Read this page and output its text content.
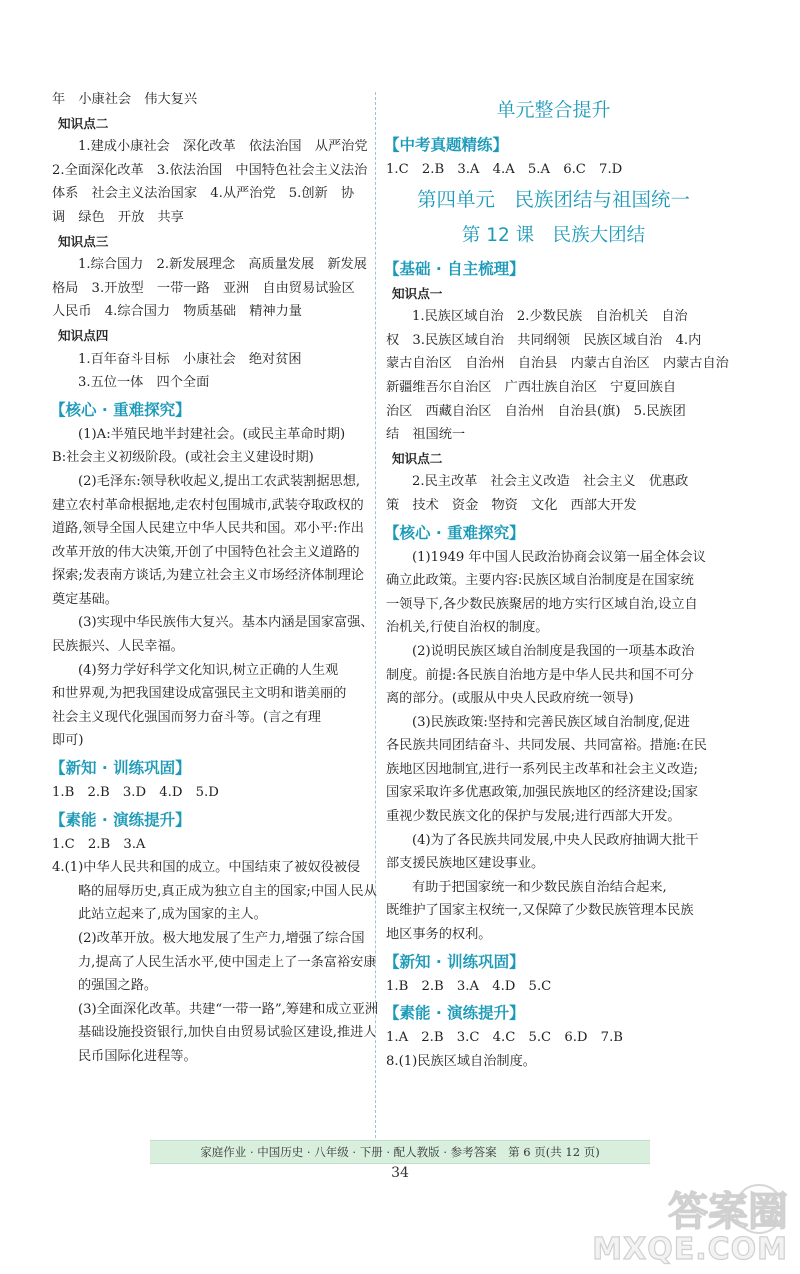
年　小康社会　伟大复兴
知识点二
1.建成小康社会　深化改革　依法治国　从严治党
2.全面深化改革　3.依法治国　中国特色社会主义法治
体系　社会主义法治国家　4.从严治党　5.创新　协
调　绿色　开放　共享
知识点三
1.综合国力　2.新发展理念　高质量发展　新发展
格局　3.开放型　一带一路　亚洲　自由贸易试验区
人民币　4.综合国力　物质基础　精神力量
知识点四
1.百年奋斗目标　小康社会　绝对贫困
3.五位一体　四个全面
【核心 · 重难探究】
(1)A:半殖民地半封建社会。(或民主革命时期)
B:社会主义初级阶段。(或社会主义建设时期)
(2)毛泽东:领导秋收起义,提出工农武装割据思想,
建立农村革命根据地,走农村包围城市,武装夺取政权的
道路,领导全国人民建立中华人民共和国。邓小平:作出
改革开放的伟大决策,开创了中国特色社会主义道路的
探索;发表南方谈话,为建立社会主义市场经济体制理论
奠定基础。
(3)实现中华民族伟大复兴。基本内涵是国家富强、
民族振兴、人民幸福。
(4)努力学好科学文化知识,树立正确的人生观
和世界观,为把我国建设成富强民主文明和谐美丽的
社会主义现代化强国而努力奋斗等。(言之有理
即可)
【新知 · 训练巩固】
1.B　2.B　3.D　4.D　5.D
【素能 · 演练提升】
1.C　2.B　3.A
4.(1)中华人民共和国的成立。中国结束了被奴役被侵
略的屈辱历史,真正成为独立自主的国家;中国人民从
此站立起来了,成为国家的主人。
(2)改革开放。极大地发展了生产力,增强了综合国
力,提高了人民生活水平,使中国走上了一条富裕安康
的强国之路。
(3)全面深化改革。共建“一带一路”,筹建和成立亚洲
基础设施投资银行,加快自由贸易试验区建设,推进人
民币国际化进程等。
单元整合提升
【中考真题精练】
1.C　2.B　3.A　4.A　5.A　6.C　7.D
第四单元　民族团结与祖国统一
第 12 课　民族大团结
【基础 · 自主梳理】
知识点一
1.民族区域自治　2.少数民族　自治机关　自治
权　3.民族区域自治　共同纲领　民族区域自治　4.内
蒙古自治区　自治州　自治县　内蒙古自治区　内蒙古自治
新疆维吾尔自治区　广西壮族自治区　宁夏回族自
治区　西藏自治区　自治州　自治县(旗)　5.民族团
结　祖国统一
知识点二
2.民主改革　社会主义改造　社会主义　优惠政
策　技术　资金　物资　文化　西部大开发
【核心 · 重难探究】
(1)1949 年中国人民政治协商会议第一届全体会议
确立此政策。主要内容:民族区域自治制度是在国家统
一领导下,各少数民族聚居的地方实行区域自治,设立自
治机关,行使自治权的制度。
(2)说明民族区域自治制度是我国的一项基本政治
制度。前提:各民族自治地方是中华人民共和国不可分
离的部分。(或服从中央人民政府统一领导)
(3)民族政策:坚持和完善民族区域自治制度,促进
各民族共同团结奋斗、共同发展、共同富裕。措施:在民
族地区因地制宜,进行一系列民主改革和社会主义改造;
国家采取许多优惠政策,加强民族地区的经济建设;国家
重视少数民族文化的保护与发展;进行西部大开发。
(4)为了各民族共同发展,中央人民政府抽调大批干
部支援民族地区建设事业。
有助于把国家统一和少数民族自治结合起来,
既维护了国家主权统一,又保障了少数民族管理本民族
地区事务的权利。
【新知 · 训练巩固】
1.B　2.B　3.A　4.D　5.C
【素能 · 演练提升】
1.A　2.B　3.C　4.C　5.C　6.D　7.B
8.(1)民族区域自治制度。
家庭作业 · 中国历史 · 八年级 · 下册 · 配人教版 · 参考答案　第 6 页(共 12 页)
34
答案圈
MXQE.COM
